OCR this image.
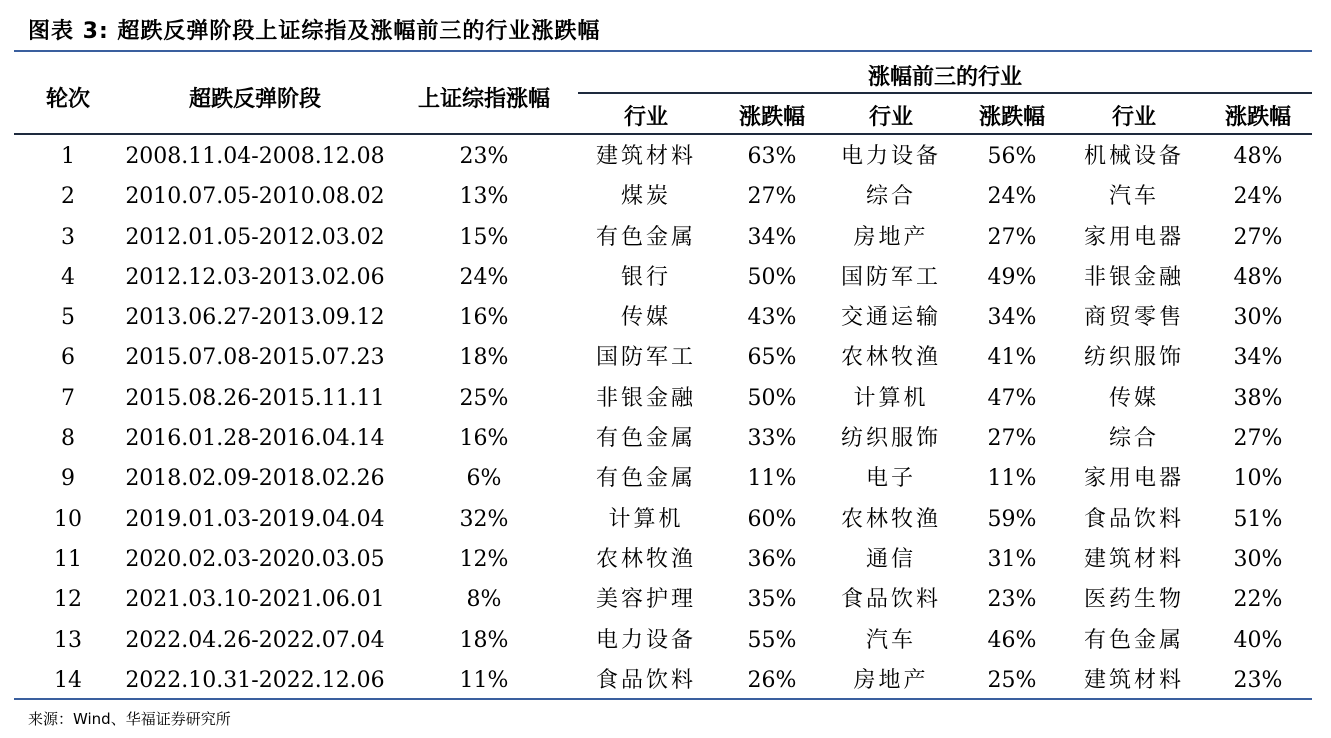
图表 3: 超跌反弹阶段上证综指及涨幅前三的行业涨跌幅
轮次	超跌反弹阶段	上证综指涨幅
涨幅前三的行业
行业	涨跌幅	行业	涨跌幅	行业	涨跌幅
1	2008.11.04-2008.12.08	23%	建筑材料	63%	电力设备	56%	机械设备	48%
2	2010.07.05-2010.08.02	13%	煤炭	27%	综合	24%	汽车	24%
3	2012.01.05-2012.03.02	15%	有色金属	34%	房地产	27%	家用电器	27%
4	2012.12.03-2013.02.06	24%	银行	50%	国防军工	49%	非银金融	48%
5	2013.06.27-2013.09.12	16%	传媒	43%	交通运输	34%	商贸零售	30%
6	2015.07.08-2015.07.23	18%	国防军工	65%	农林牧渔	41%	纺织服饰	34%
7	2015.08.26-2015.11.11	25%	非银金融	50%	计算机	47%	传媒	38%
8	2016.01.28-2016.04.14	16%	有色金属	33%	纺织服饰	27%	综合	27%
9	2018.02.09-2018.02.26	6%	有色金属	11%	电子	11%	家用电器	10%
10	2019.01.03-2019.04.04	32%	计算机	60%	农林牧渔	59%	食品饮料	51%
11	2020.02.03-2020.03.05	12%	农林牧渔	36%	通信	31%	建筑材料	30%
12	2021.03.10-2021.06.01	8%	美容护理	35%	食品饮料	23%	医药生物	22%
13	2022.04.26-2022.07.04	18%	电力设备	55%	汽车	46%	有色金属	40%
14	2022.10.31-2022.12.06	11%	食品饮料	26%	房地产	25%	建筑材料	23%
来源：Wind、华福证券研究所
